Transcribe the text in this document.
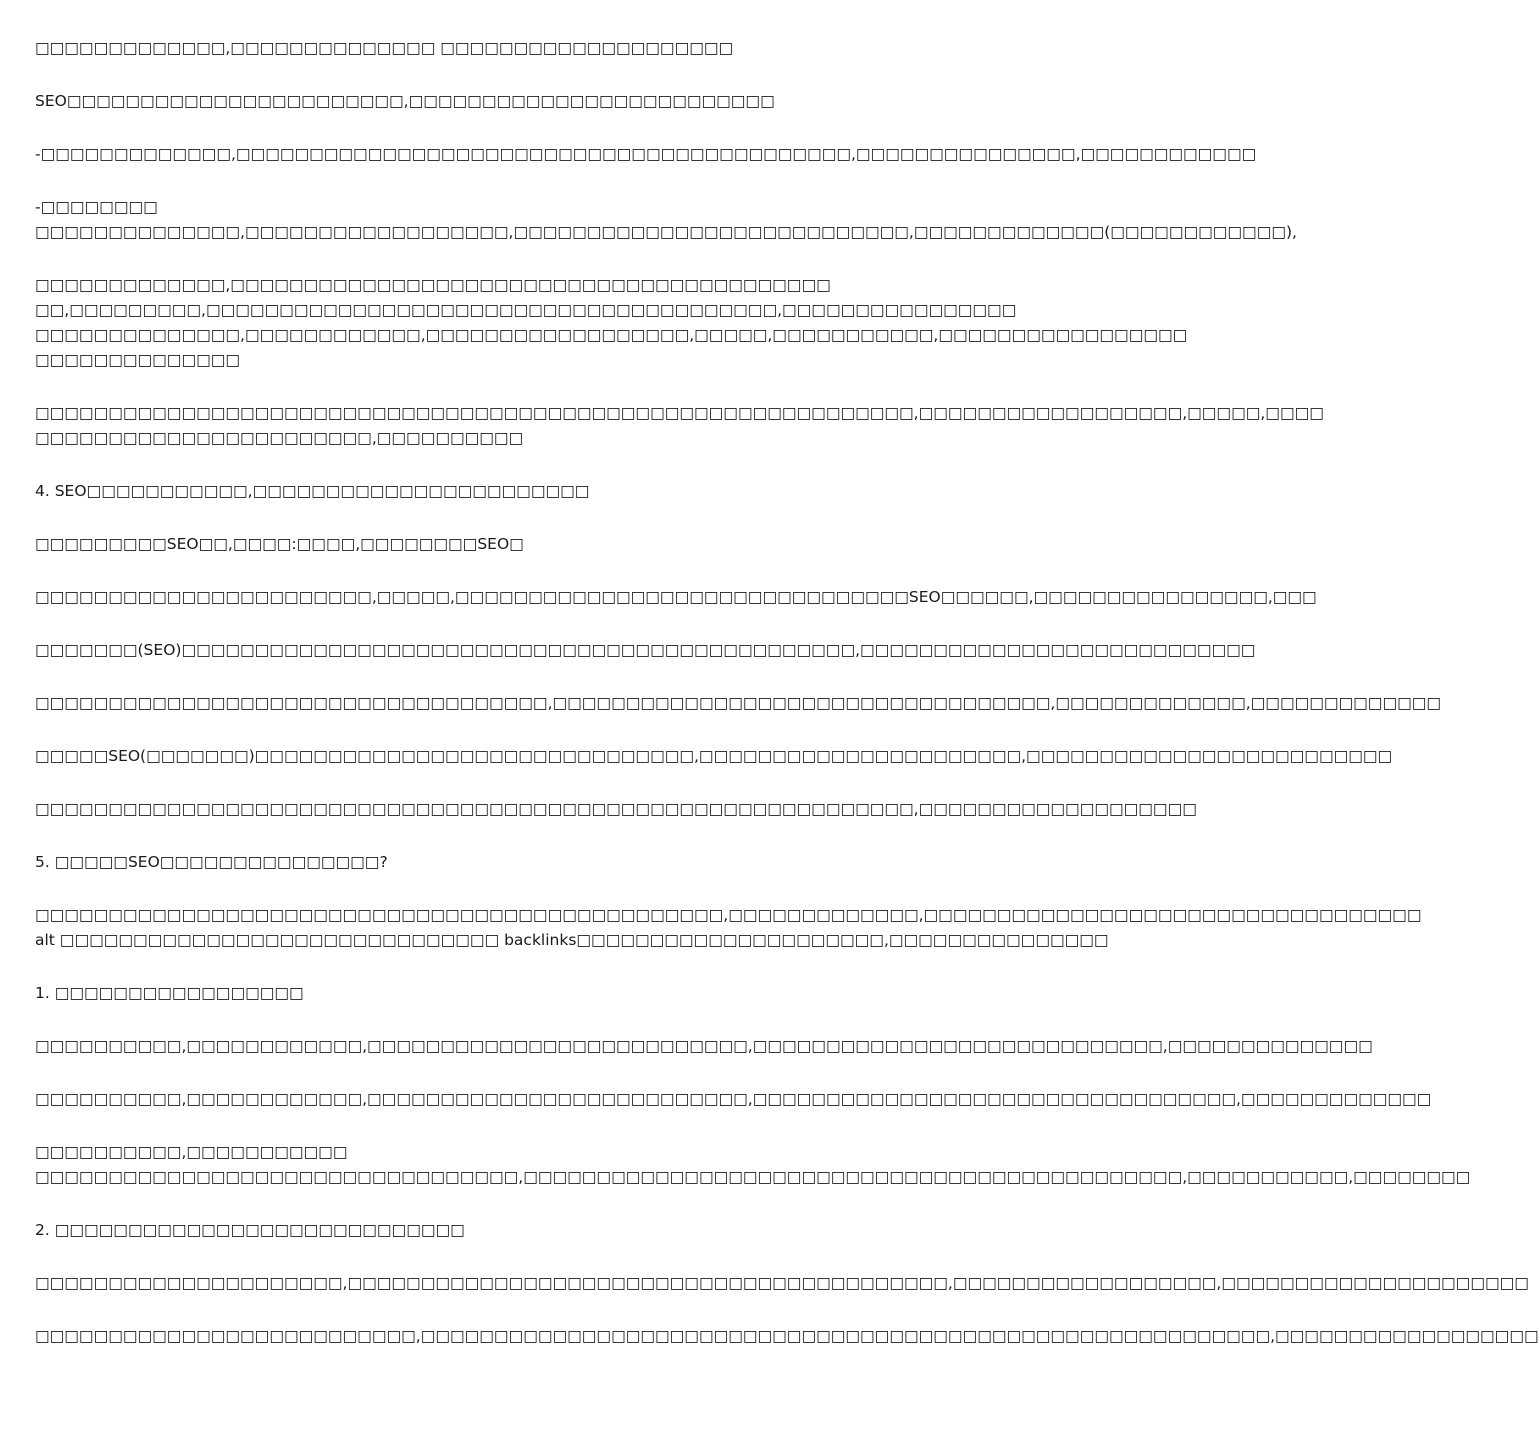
□□□□□□□□□□□□□,□□□□□□□□□□□□□□ □□□□□□□□□□□□□□□□□□□□

SEO□□□□□□□□□□□□□□□□□□□□□□□,□□□□□□□□□□□□□□□□□□□□□□□□□

-□□□□□□□□□□□□□,□□□□□□□□□□□□□□□□□□□□□□□□□□□□□□□□□□□□□□□□□□,□□□□□□□□□□□□□□□,□□□□□□□□□□□□

-□□□□□□□□
□□□□□□□□□□□□□□,□□□□□□□□□□□□□□□□□□,□□□□□□□□□□□□□□□□□□□□□□□□□□□,□□□□□□□□□□□□□(□□□□□□□□□□□□),

□□□□□□□□□□□□□,□□□□□□□□□□□□□□□□□□□□□□□□□□□□□□□□□□□□□□□□□
□□,□□□□□□□□□,□□□□□□□□□□□□□□□□□□□□□□□□□□□□□□□□□□□□□□□,□□□□□□□□□□□□□□□□
□□□□□□□□□□□□□□,□□□□□□□□□□□□,□□□□□□□□□□□□□□□□□□,□□□□□,□□□□□□□□□□□,□□□□□□□□□□□□□□□□□
□□□□□□□□□□□□□□

□□□□□□□□□□□□□□□□□□□□□□□□□□□□□□□□□□□□□□□□□□□□□□□□□□□□□□□□□□□□,□□□□□□□□□□□□□□□□□□,□□□□□,□□□□
□□□□□□□□□□□□□□□□□□□□□□□,□□□□□□□□□□

4. SEO□□□□□□□□□□□,□□□□□□□□□□□□□□□□□□□□□□□

□□□□□□□□□SEO□□,□□□□:□□□□,□□□□□□□□SEO□

□□□□□□□□□□□□□□□□□□□□□□□,□□□□□,□□□□□□□□□□□□□□□□□□□□□□□□□□□□□□□SEO□□□□□□,□□□□□□□□□□□□□□□□,□□□

□□□□□□□(SEO)□□□□□□□□□□□□□□□□□□□□□□□□□□□□□□□□□□□□□□□□□□□□□□,□□□□□□□□□□□□□□□□□□□□□□□□□□□

□□□□□□□□□□□□□□□□□□□□□□□□□□□□□□□□□□□,□□□□□□□□□□□□□□□□□□□□□□□□□□□□□□□□□□,□□□□□□□□□□□□□,□□□□□□□□□□□□□

□□□□□SEO(□□□□□□□)□□□□□□□□□□□□□□□□□□□□□□□□□□□□□□,□□□□□□□□□□□□□□□□□□□□□□,□□□□□□□□□□□□□□□□□□□□□□□□□

□□□□□□□□□□□□□□□□□□□□□□□□□□□□□□□□□□□□□□□□□□□□□□□□□□□□□□□□□□□□,□□□□□□□□□□□□□□□□□□□

5. □□□□□SEO□□□□□□□□□□□□□□□?

□□□□□□□□□□□□□□□□□□□□□□□□□□□□□□□□□□□□□□□□□□□□□□□,□□□□□□□□□□□□□,□□□□□□□□□□□□□□□□□□□□□□□□□□□□□□□□□□
alt □□□□□□□□□□□□□□□□□□□□□□□□□□□□□□ backlinks□□□□□□□□□□□□□□□□□□□□□,□□□□□□□□□□□□□□□

1. □□□□□□□□□□□□□□□□□

□□□□□□□□□□,□□□□□□□□□□□□,□□□□□□□□□□□□□□□□□□□□□□□□□□,□□□□□□□□□□□□□□□□□□□□□□□□□□□□,□□□□□□□□□□□□□□

□□□□□□□□□□,□□□□□□□□□□□□,□□□□□□□□□□□□□□□□□□□□□□□□□□,□□□□□□□□□□□□□□□□□□□□□□□□□□□□□□□□□,□□□□□□□□□□□□□

□□□□□□□□□□,□□□□□□□□□□□
□□□□□□□□□□□□□□□□□□□□□□□□□□□□□□□□□,□□□□□□□□□□□□□□□□□□□□□□□□□□□□□□□□□□□□□□□□□□□□□,□□□□□□□□□□□,□□□□□□□□

2. □□□□□□□□□□□□□□□□□□□□□□□□□□□□

□□□□□□□□□□□□□□□□□□□□□,□□□□□□□□□□□□□□□□□□□□□□□□□□□□□□□□□□□□□□□□□,□□□□□□□□□□□□□□□□□□,□□□□□□□□□□□□□□□□□□□□□

□□□□□□□□□□□□□□□□□□□□□□□□□□,□□□□□□□□□□□□□□□□□□□□□□□□□□□□□□□□□□□□□□□□□□□□□□□□□□□□□□□□□□,□□□□□□□□□□□□□□□□□□
